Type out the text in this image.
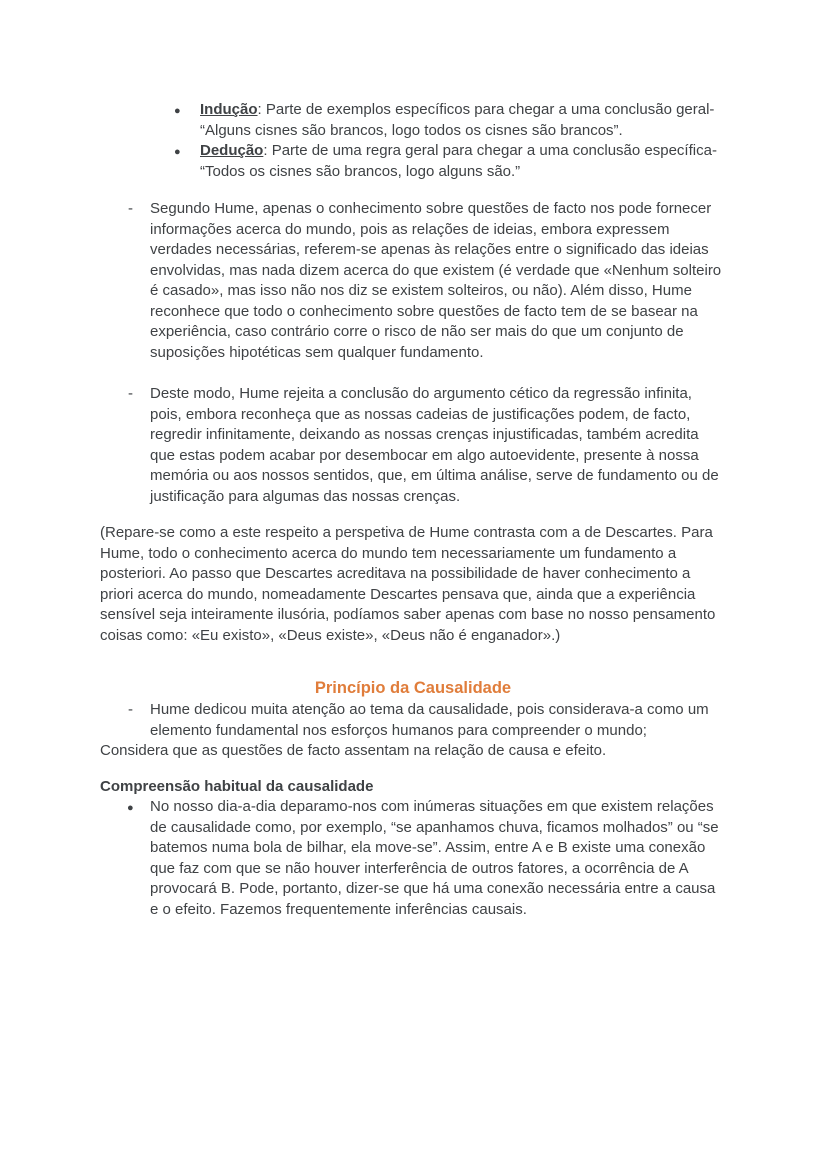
●	Indução: Parte de exemplos específicos para chegar a uma conclusão geral- “Alguns cisnes são brancos, logo todos os cisnes são brancos”.
●	Dedução: Parte de uma regra geral para chegar a uma conclusão específica- “Todos os cisnes são brancos, logo alguns são.”
-	Segundo Hume, apenas o conhecimento sobre questões de facto nos pode fornecer informações acerca do mundo, pois as relações de ideias, embora expressem verdades necessárias, referem-se apenas às relações entre o significado das ideias envolvidas, mas nada dizem acerca do que existem (é verdade que «Nenhum solteiro é casado», mas isso não nos diz se existem solteiros, ou não). Além disso, Hume reconhece que todo o conhecimento sobre questões de facto tem de se basear na experiência, caso contrário corre o risco de não ser mais do que um conjunto de suposições hipotéticas sem qualquer fundamento.
-	Deste modo, Hume rejeita a conclusão do argumento cético da regressão infinita, pois, embora reconheça que as nossas cadeias de justificações podem, de facto, regredir infinitamente, deixando as nossas crenças injustificadas, também acredita que estas podem acabar por desembocar em algo autoevidente, presente à nossa memória ou aos nossos sentidos, que, em última análise, serve de fundamento ou de justificação para algumas das nossas crenças.
(Repare-se como a este respeito a perspetiva de Hume contrasta com a de Descartes. Para Hume, todo o conhecimento acerca do mundo tem necessariamente um fundamento a posteriori. Ao passo que Descartes acreditava na possibilidade de haver conhecimento a priori acerca do mundo, nomeadamente Descartes pensava que, ainda que a experiência sensível seja inteiramente ilusória, podíamos saber apenas com base no nosso pensamento coisas como: «Eu existo», «Deus existe», «Deus não é enganador».)
Princípio da Causalidade
-	Hume dedicou muita atenção ao tema da causalidade, pois considerava-a como um elemento fundamental nos esforços humanos para compreender o mundo;
Considera que as questões de facto assentam na relação de causa e efeito.
Compreensão habitual da causalidade
●	No nosso dia-a-dia deparamo-nos com inúmeras situações em que existem relações de causalidade como, por exemplo, “se apanhamos chuva, ficamos molhados” ou “se batemos numa bola de bilhar, ela move-se”. Assim, entre A e B existe uma conexão que faz com que se não houver interferência de outros fatores, a ocorrência de A provocará B. Pode, portanto, dizer-se que há uma conexão necessária entre a causa e o efeito. Fazemos frequentemente inferências causais.
